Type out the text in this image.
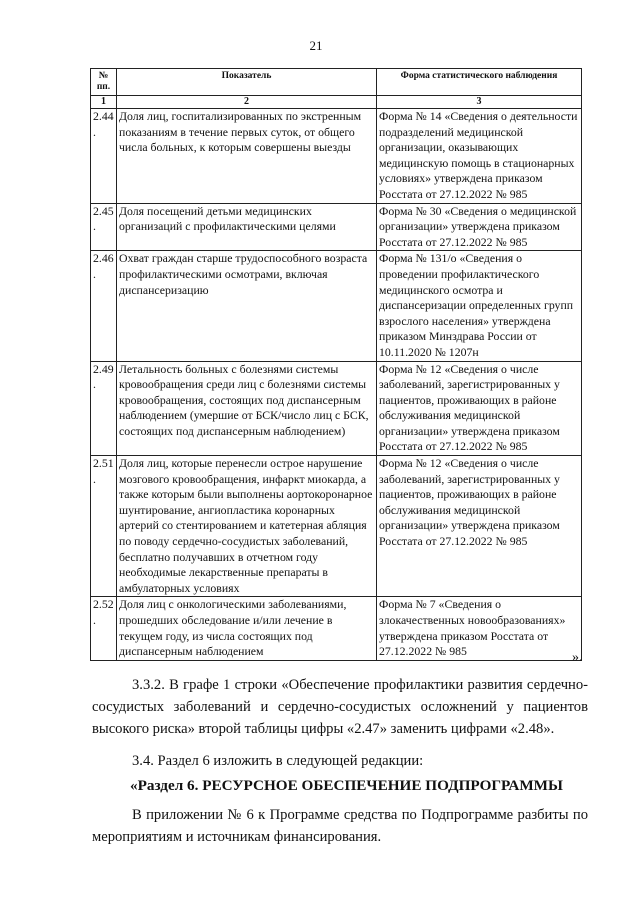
21
№ пп.	Показатель	Форма статистического наблюдения
1	2	3
2.44.	Доля лиц, госпитализированных по экстренным показаниям в течение первых суток, от общего числа больных, к которым совершены выезды	Форма № 14 «Сведения о деятельности подразделений медицинской организации, оказывающих медицинскую помощь в стационарных условиях» утверждена приказом Росстата от 27.12.2022 № 985
2.45.	Доля посещений детьми медицинских организаций с профилактическими целями	Форма № 30 «Сведения о медицинской организации» утверждена приказом Росстата от 27.12.2022 № 985
2.46.	Охват граждан старше трудоспособного возраста профилактическими осмотрами, включая диспансеризацию	Форма № 131/о «Сведения о проведении профилактического медицинского осмотра и диспансеризации определенных групп взрослого населения» утверждена приказом Минздрава России от 10.11.2020 № 1207н
2.49.	Летальность больных с болезнями системы кровообращения среди лиц с болезнями системы кровообращения, состоящих под диспансерным наблюдением (умершие от БСК/число лиц с БСК, состоящих под диспансерным наблюдением)	Форма № 12 «Сведения о числе заболеваний, зарегистрированных у пациентов, проживающих в районе обслуживания медицинской организации» утверждена приказом Росстата от 27.12.2022 № 985
2.51.	Доля лиц, которые перенесли острое нарушение мозгового кровообращения, инфаркт миокарда, а также которым были выполнены аортокоронарное шунтирование, ангиопластика коронарных артерий со стентированием и катетерная абляция по поводу сердечно-сосудистых заболеваний, бесплатно получавших в отчетном году необходимые лекарственные препараты в амбулаторных условиях	Форма № 12 «Сведения о числе заболеваний, зарегистрированных у пациентов, проживающих в районе обслуживания медицинской организации» утверждена приказом Росстата от 27.12.2022 № 985
2.52.	Доля лиц с онкологическими заболеваниями, прошедших обследование и/или лечение в текущем году, из числа состоящих под диспансерным наблюдением	Форма № 7 «Сведения о злокачественных новообразованиях» утверждена приказом Росстата от 27.12.2022 № 985	».
3.3.2. В графе 1 строки «Обеспечение профилактики развития сердечно-сосудистых заболеваний и сердечно-сосудистых осложнений у пациентов высокого риска» второй таблицы цифры «2.47» заменить цифрами «2.48».
3.4. Раздел 6 изложить в следующей редакции:
«Раздел 6. РЕСУРСНОЕ ОБЕСПЕЧЕНИЕ ПОДПРОГРАММЫ
В приложении № 6 к Программе средства по Подпрограмме разбиты по мероприятиям и источникам финансирования.
